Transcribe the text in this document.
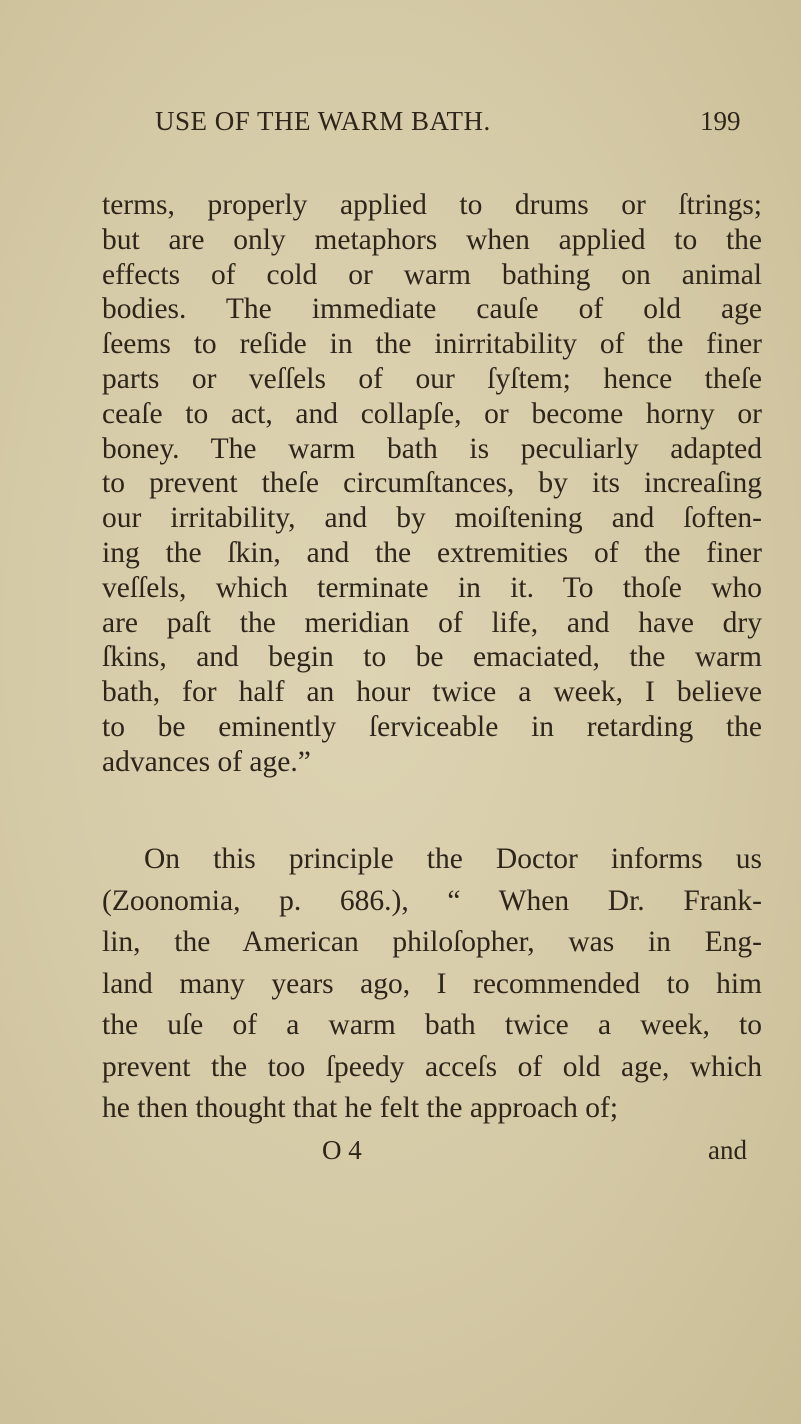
USE OF THE WARM BATH.	199
terms, properly applied to drums or ſtrings;
but are only metaphors when applied to the
effects of cold or warm bathing on animal
bodies. The immediate cauſe of old age
ſeems to reſide in the inirritability of the finer
parts or veſſels of our ſyſtem; hence theſe
ceaſe to act, and collapſe, or become horny or
boney. The warm bath is peculiarly adapted
to prevent theſe circumſtances, by its increaſing
our irritability, and by moiſtening and ſoften-
ing the ſkin, and the extremities of the finer
veſſels, which terminate in it. To thoſe who
are paſt the meridian of life, and have dry
ſkins, and begin to be emaciated, the warm
bath, for half an hour twice a week, I believe
to be eminently ſerviceable in retarding the
advances of age.”
On this principle the Doctor informs us
(Zoonomia, p. 686.), “ When Dr. Frank-
lin, the American philoſopher, was in Eng-
land many years ago, I recommended to him
the uſe of a warm bath twice a week, to
prevent the too ſpeedy acceſs of old age, which
he then thought that he felt the approach of;
O 4	and
